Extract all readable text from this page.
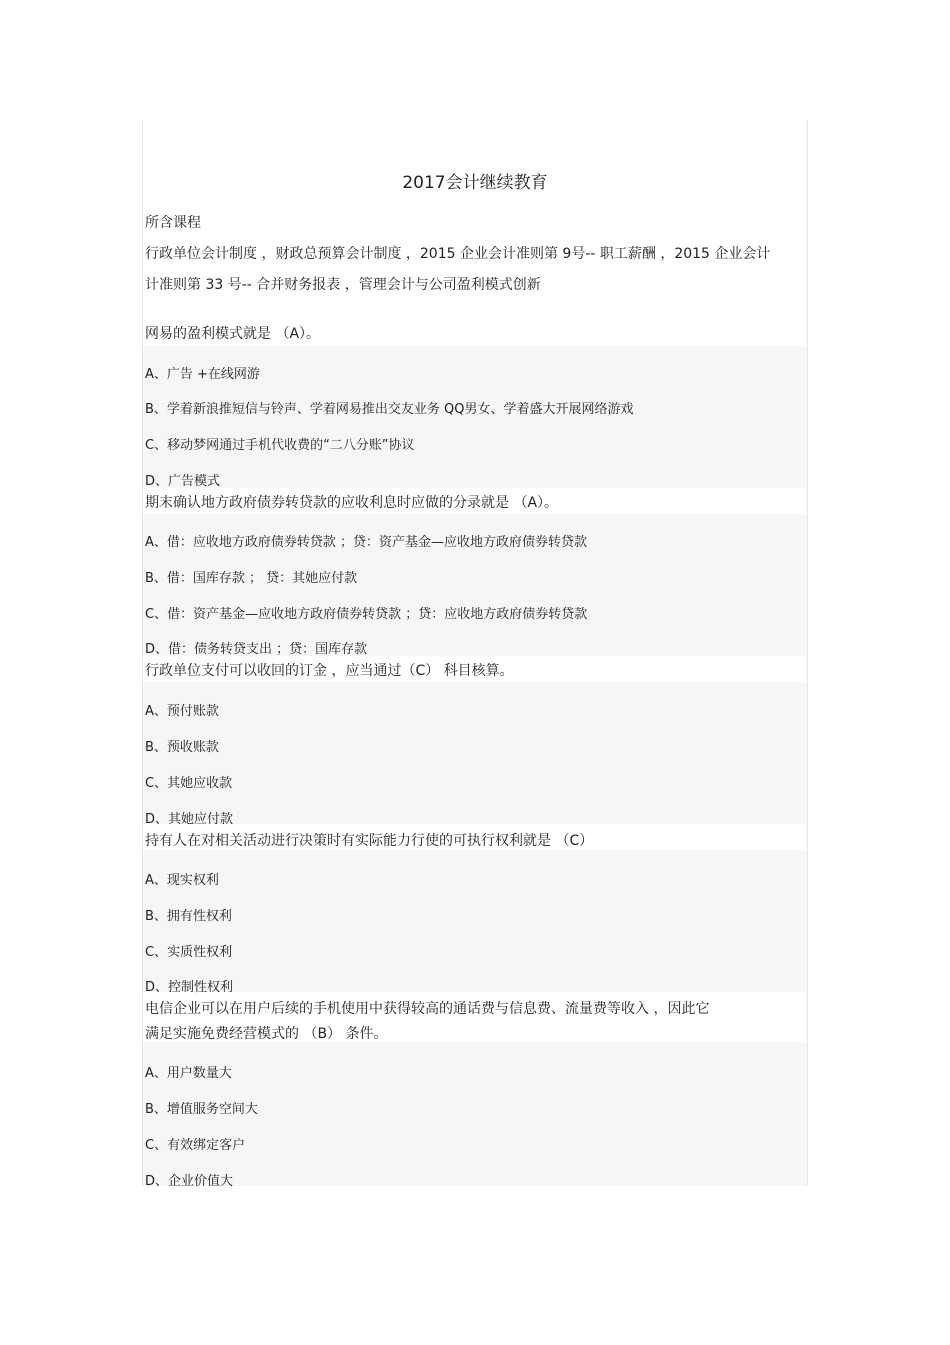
2017会计继续教育
所含课程
行政单位会计制度 ，财政总预算会计制度 ，2015 企业会计准则第 9号-- 职工薪酬 ，2015 企业会计
计准则第 33 号-- 合并财务报表 ，管理会计与公司盈利模式创新
网易的盈利模式就是 （A）。
A、广告 +在线网游
B、学着新浪推短信与铃声、学着网易推出交友业务 QQ男女、学着盛大开展网络游戏
C、移动梦网通过手机代收费的“二八分账”协议
D、广告模式
期末确认地方政府债券转贷款的应收利息时应做的分录就是 （A）。
A、借：应收地方政府债券转贷款 ；贷：资产基金—应收地方政府债券转贷款
B、借：国库存款 ； 贷：其她应付款
C、借：资产基金—应收地方政府债券转贷款 ；贷：应收地方政府债券转贷款
D、借：债务转贷支出 ；贷：国库存款
行政单位支付可以收回的订金 ，应当通过（C） 科目核算。
A、预付账款
B、预收账款
C、其她应收款
D、其她应付款
持有人在对相关活动进行决策时有实际能力行使的可执行权利就是 （C）
A、现实权利
B、拥有性权利
C、实质性权利
D、控制性权利
电信企业可以在用户后续的手机使用中获得较高的通话费与信息费、流量费等收入 ，因此它
满足实施免费经营模式的 （B） 条件。
A、用户数量大
B、增值服务空间大
C、有效绑定客户
D、企业价值大
